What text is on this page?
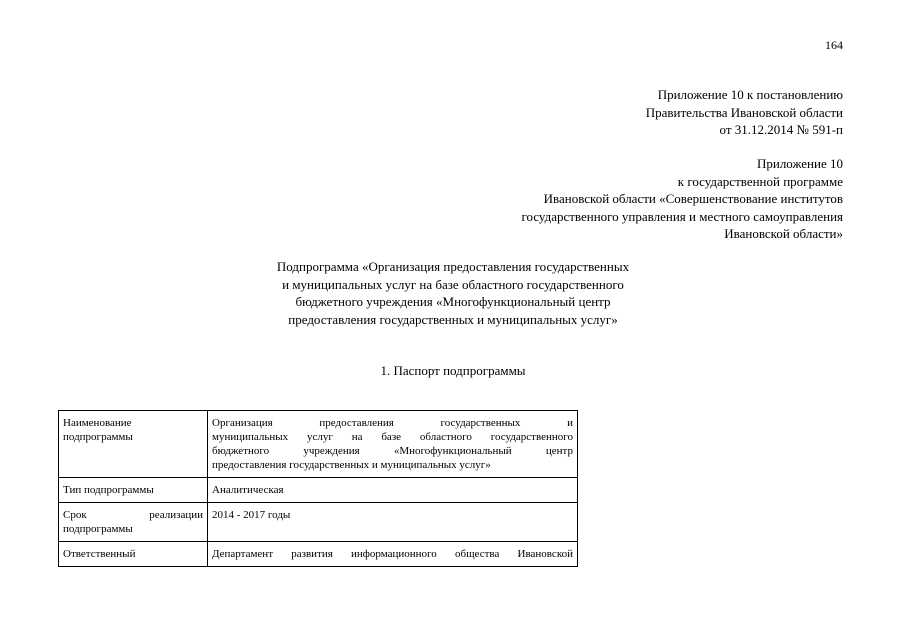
164
Приложение 10 к постановлению
Правительства Ивановской области
от 31.12.2014 № 591-п
Приложение 10
к государственной программе
Ивановской области «Совершенствование институтов
государственного управления и местного самоуправления
Ивановской области»
Подпрограмма «Организация предоставления государственных
и муниципальных услуг на базе областного государственного
бюджетного учреждения «Многофункциональный центр
предоставления государственных и муниципальных услуг»
1. Паспорт подпрограммы
Наименование
подпрограммы	Организация предоставления государственных и
муниципальных услуг на базе областного государственного
бюджетного учреждения «Многофункциональный центр
предоставления государственных и муниципальных услуг»

Тип подпрограммы	Аналитическая

Срок реализации
подпрограммы	2014 - 2017 годы

Ответственный	Департамент развития информационного общества Ивановской
